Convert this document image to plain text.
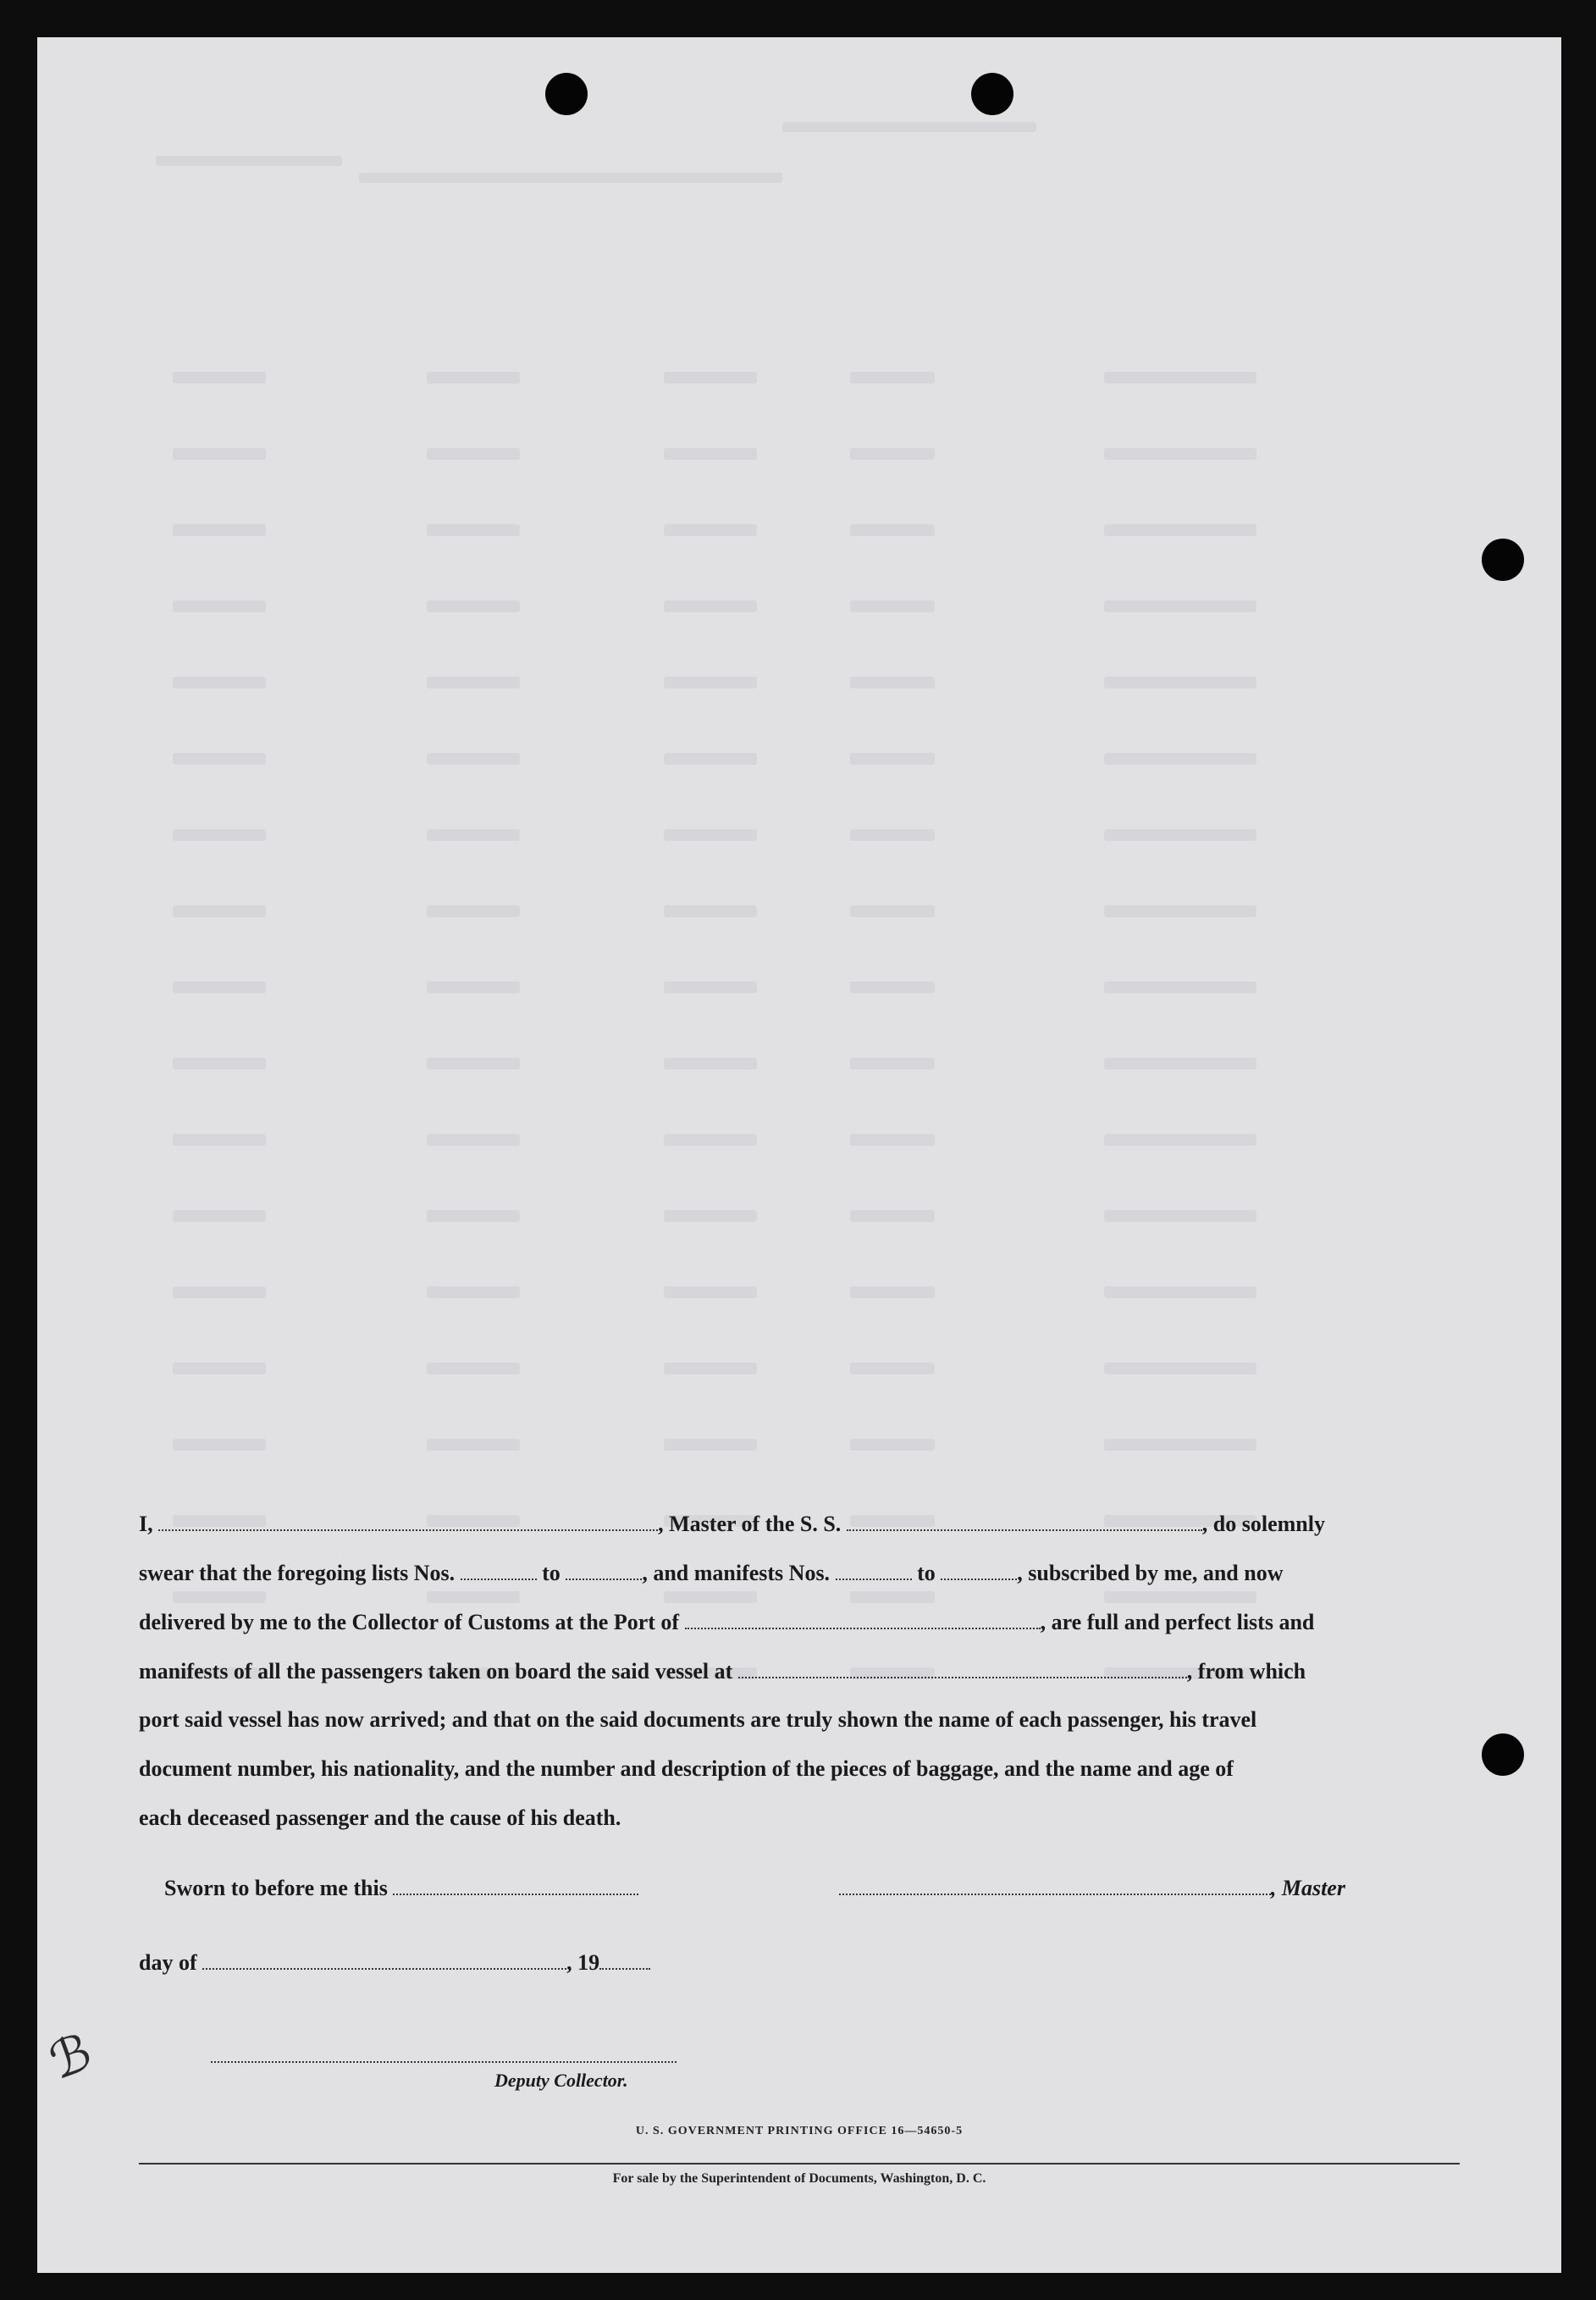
I,	, Master of the S. S.	, do solemnly
swear that the foregoing lists Nos.	to	, and manifests Nos.	to	, subscribed by me, and now
delivered by me to the Collector of Customs at the Port of	, are full and perfect lists and
manifests of all the passengers taken on board the said vessel at	, from which
port said vessel has now arrived; and that on the said documents are truly shown the name of each passenger, his travel
document number, his nationality, and the number and description of the pieces of baggage, and the name and age of
each deceased passenger and the cause of his death.
Sworn to before me this	, Master
day of	, 19
Deputy Collector.
U. S. GOVERNMENT PRINTING OFFICE 16—54650-5
For sale by the Superintendent of Documents, Washington, D. C.
ℬ
